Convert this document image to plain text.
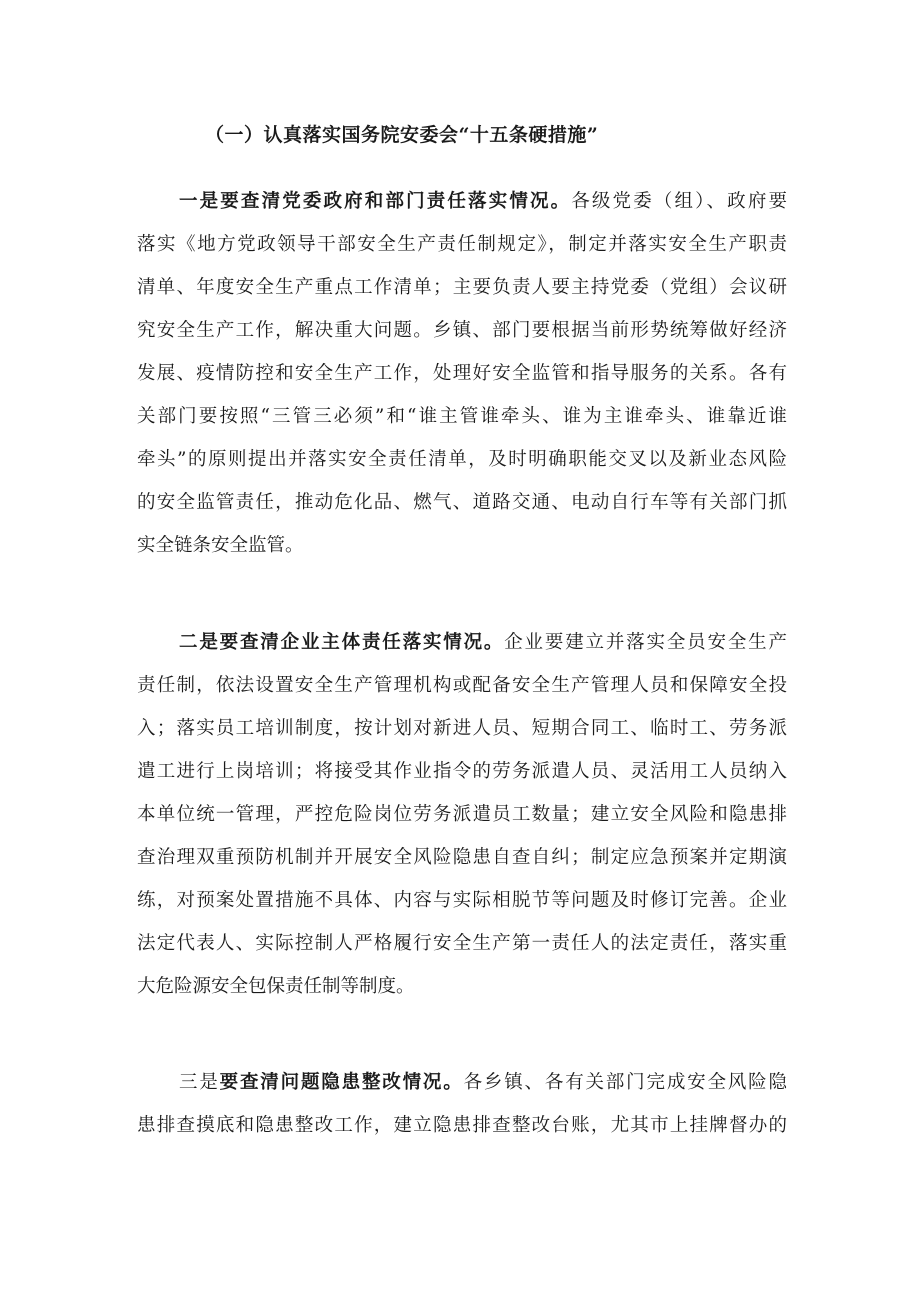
（一）认真落实国务院安委会“十五条硬措施”
一是要查清党委政府和部门责任落实情况。各级党委（组）、政府要
落实《地方党政领导干部安全生产责任制规定》，制定并落实安全生产职责
清单、年度安全生产重点工作清单；主要负责人要主持党委（党组）会议研
究安全生产工作，解决重大问题。乡镇、部门要根据当前形势统筹做好经济
发展、疫情防控和安全生产工作，处理好安全监管和指导服务的关系。各有
关部门要按照“三管三必须”和“谁主管谁牵头、谁为主谁牵头、谁靠近谁
牵头”的原则提出并落实安全责任清单，及时明确职能交叉以及新业态风险
的安全监管责任，推动危化品、燃气、道路交通、电动自行车等有关部门抓
实全链条安全监管。
二是要查清企业主体责任落实情况。企业要建立并落实全员安全生产
责任制，依法设置安全生产管理机构或配备安全生产管理人员和保障安全投
入；落实员工培训制度，按计划对新进人员、短期合同工、临时工、劳务派
遣工进行上岗培训；将接受其作业指令的劳务派遣人员、灵活用工人员纳入
本单位统一管理，严控危险岗位劳务派遣员工数量；建立安全风险和隐患排
查治理双重预防机制并开展安全风险隐患自查自纠；制定应急预案并定期演
练，对预案处置措施不具体、内容与实际相脱节等问题及时修订完善。企业
法定代表人、实际控制人严格履行安全生产第一责任人的法定责任，落实重
大危险源安全包保责任制等制度。
三是要查清问题隐患整改情况。各乡镇、各有关部门完成安全风险隐
患排查摸底和隐患整改工作，建立隐患排查整改台账，尤其市上挂牌督办的
